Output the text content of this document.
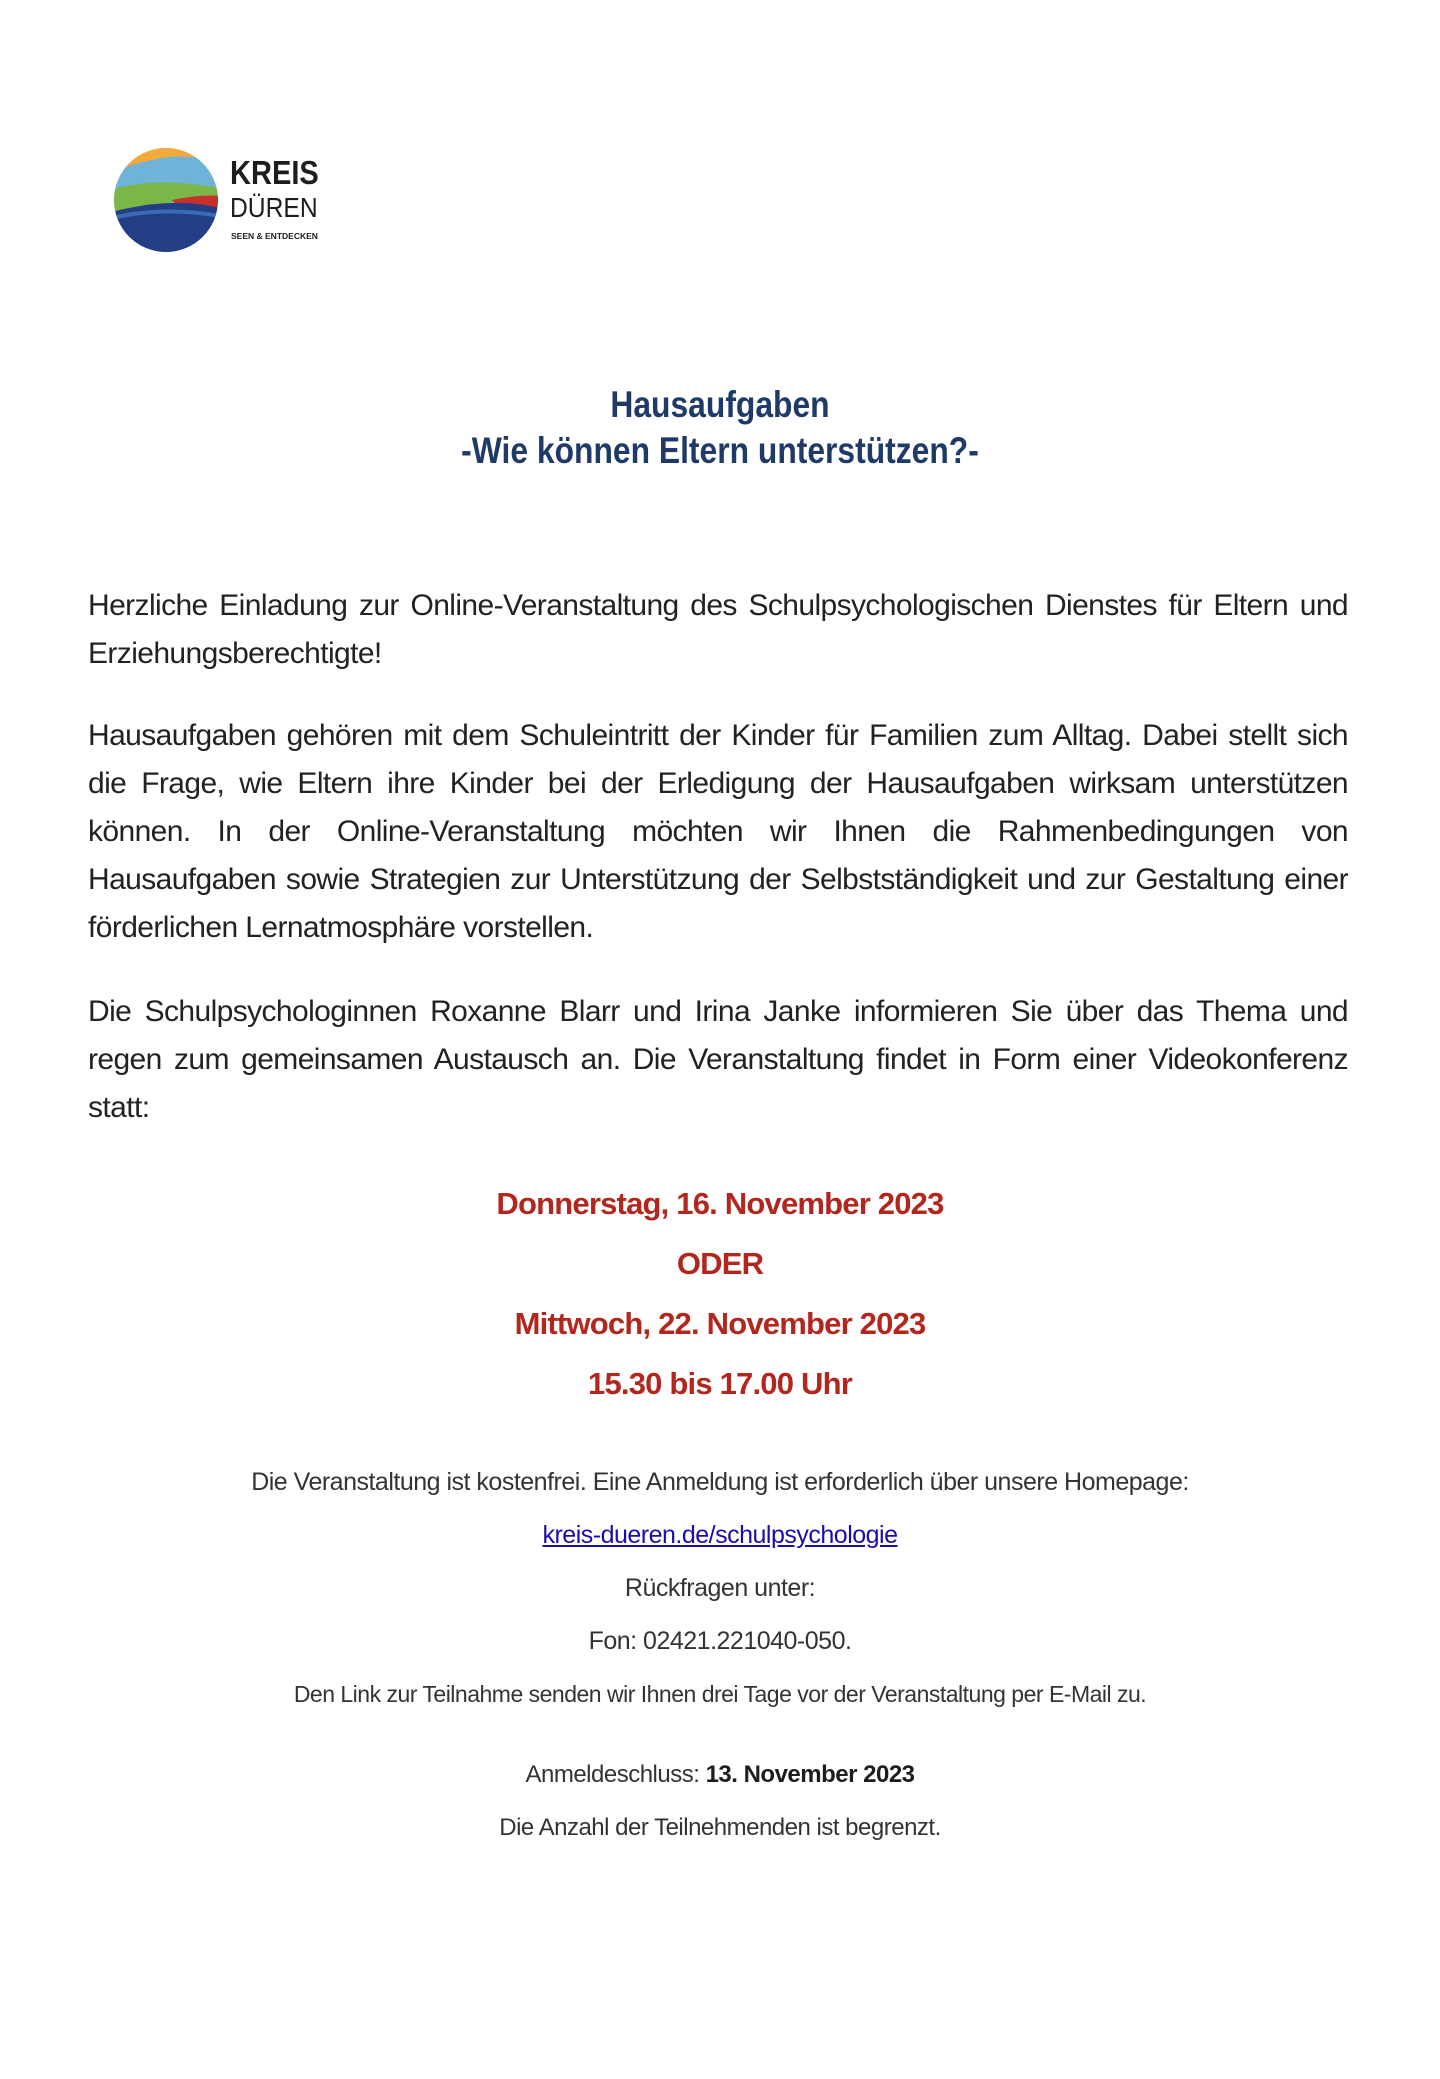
KREIS
DÜREN
SEEN & ENTDECKEN
Hausaufgaben
-Wie können Eltern unterstützen?-
Herzliche Einladung zur Online-Veranstaltung des Schulpsychologischen Dienstes für Eltern und Erziehungsberechtigte!
Hausaufgaben gehören mit dem Schuleintritt der Kinder für Familien zum Alltag. Dabei stellt sich die Frage, wie Eltern ihre Kinder bei der Erledigung der Hausaufgaben wirksam unterstützen können. In der Online-Veranstaltung möchten wir Ihnen die Rahmenbedingungen von Hausaufgaben sowie Strategien zur Unterstützung der Selbstständigkeit und zur Gestaltung einer förderlichen Lernatmosphäre vorstellen.
Die Schulpsychologinnen Roxanne Blarr und Irina Janke informieren Sie über das Thema und regen zum gemeinsamen Austausch an. Die Veranstaltung findet in Form einer Videokonferenz statt:
Donnerstag, 16. November 2023
ODER
Mittwoch, 22. November 2023
15.30 bis 17.00 Uhr
Die Veranstaltung ist kostenfrei. Eine Anmeldung ist erforderlich über unsere Homepage:
kreis-dueren.de/schulpsychologie
Rückfragen unter:
Fon: 02421.221040-050.
Den Link zur Teilnahme senden wir Ihnen drei Tage vor der Veranstaltung per E-Mail zu.
Anmeldeschluss: 13. November 2023
Die Anzahl der Teilnehmenden ist begrenzt.
